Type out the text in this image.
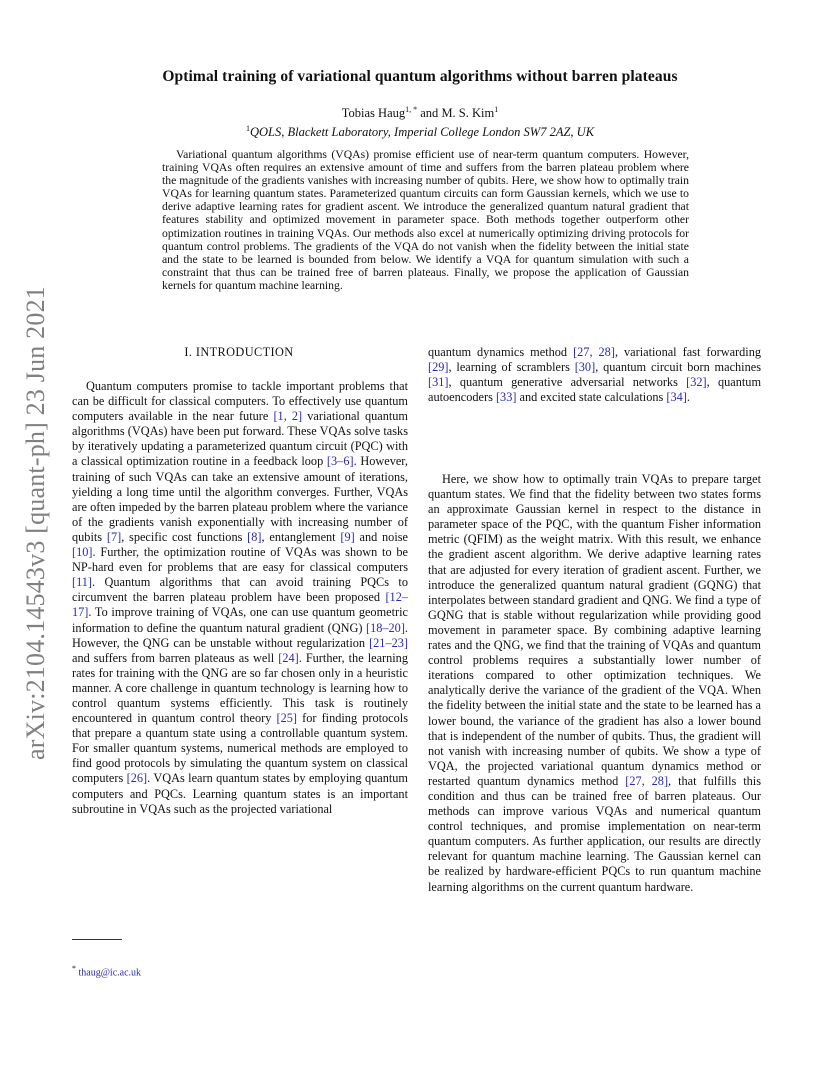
arXiv:2104.14543v3 [quant-ph] 23 Jun 2021
Optimal training of variational quantum algorithms without barren plateaus
Tobias Haug$^{1, *}$ and M. S. Kim$^1$
$^1$QOLS, Blackett Laboratory, Imperial College London SW7 2AZ, UK
Variational quantum algorithms (VQAs) promise efficient use of near-term quantum computers. However, training VQAs often requires an extensive amount of time and suffers from the barren plateau problem where the magnitude of the gradients vanishes with increasing number of qubits. Here, we show how to optimally train VQAs for learning quantum states. Parameterized quantum circuits can form Gaussian kernels, which we use to derive adaptive learning rates for gradient ascent. We introduce the generalized quantum natural gradient that features stability and optimized movement in parameter space. Both methods together outperform other optimization routines in training VQAs. Our methods also excel at numerically optimizing driving protocols for quantum control problems. The gradients of the VQA do not vanish when the fidelity between the initial state and the state to be learned is bounded from below. We identify a VQA for quantum simulation with such a constraint that thus can be trained free of barren plateaus. Finally, we propose the application of Gaussian kernels for quantum machine learning.
I. INTRODUCTION

Quantum computers promise to tackle important problems that can be difficult for classical computers. To effectively use quantum computers available in the near future [1, 2] variational quantum algorithms (VQAs) have been put forward. These VQAs solve tasks by iteratively updating a parameterized quantum circuit (PQC) with a classical optimization routine in a feedback loop [3–6]. However, training of such VQAs can take an extensive amount of iterations, yielding a long time until the algorithm converges. Further, VQAs are often impeded by the barren plateau problem where the variance of the gradients vanish exponentially with increasing number of qubits [7], specific cost functions [8], entanglement [9] and noise [10]. Further, the optimization routine of VQAs was shown to be NP-hard even for problems that are easy for classical computers [11]. Quantum algorithms that can avoid training PQCs to circumvent the barren plateau problem have been proposed [12–17]. To improve training of VQAs, one can use quantum geometric information to define the quantum natural gradient (QNG) [18–20]. However, the QNG can be unstable without regularization [21–23] and suffers from barren plateaus as well [24]. Further, the learning rates for training with the QNG are so far chosen only in a heuristic manner. A core challenge in quantum technology is learning how to control quantum systems efficiently. This task is routinely encountered in quantum control theory [25] for finding protocols that prepare a quantum state using a controllable quantum system. For smaller quantum systems, numerical methods are employed to find good protocols by simulating the quantum system on classical computers [26]. VQAs learn quantum states by employing quantum computers and PQCs. Learning quantum states is an important subroutine in VQAs such as the projected variational

quantum dynamics method [27, 28], variational fast forwarding [29], learning of scramblers [30], quantum circuit born machines [31], quantum generative adversarial networks [32], quantum autoencoders [33] and excited state calculations [34].

Here, we show how to optimally train VQAs to prepare target quantum states. We find that the fidelity between two states forms an approximate Gaussian kernel in respect to the distance in parameter space of the PQC, with the quantum Fisher information metric (QFIM) as the weight matrix. With this result, we enhance the gradient ascent algorithm. We derive adaptive learning rates that are adjusted for every iteration of gradient ascent. Further, we introduce the generalized quantum natural gradient (GQNG) that interpolates between standard gradient and QNG. We find a type of GQNG that is stable without regularization while providing good movement in parameter space. By combining adaptive learning rates and the QNG, we find that the training of VQAs and quantum control problems requires a substantially lower number of iterations compared to other optimization techniques. We analytically derive the variance of the gradient of the VQA. When the fidelity between the initial state and the state to be learned has a lower bound, the variance of the gradient has also a lower bound that is independent of the number of qubits. Thus, the gradient will not vanish with increasing number of qubits. We show a type of VQA, the projected variational quantum dynamics method or restarted quantum dynamics method [27, 28], that fulfills this condition and thus can be trained free of barren plateaus. Our methods can improve various VQAs and numerical quantum control techniques, and promise implementation on near-term quantum computers. As further application, our results are directly relevant for quantum machine learning. The Gaussian kernel can be realized by hardware-efficient PQCs to run quantum machine learning algorithms on the current quantum hardware.

* thaug@ic.ac.uk
